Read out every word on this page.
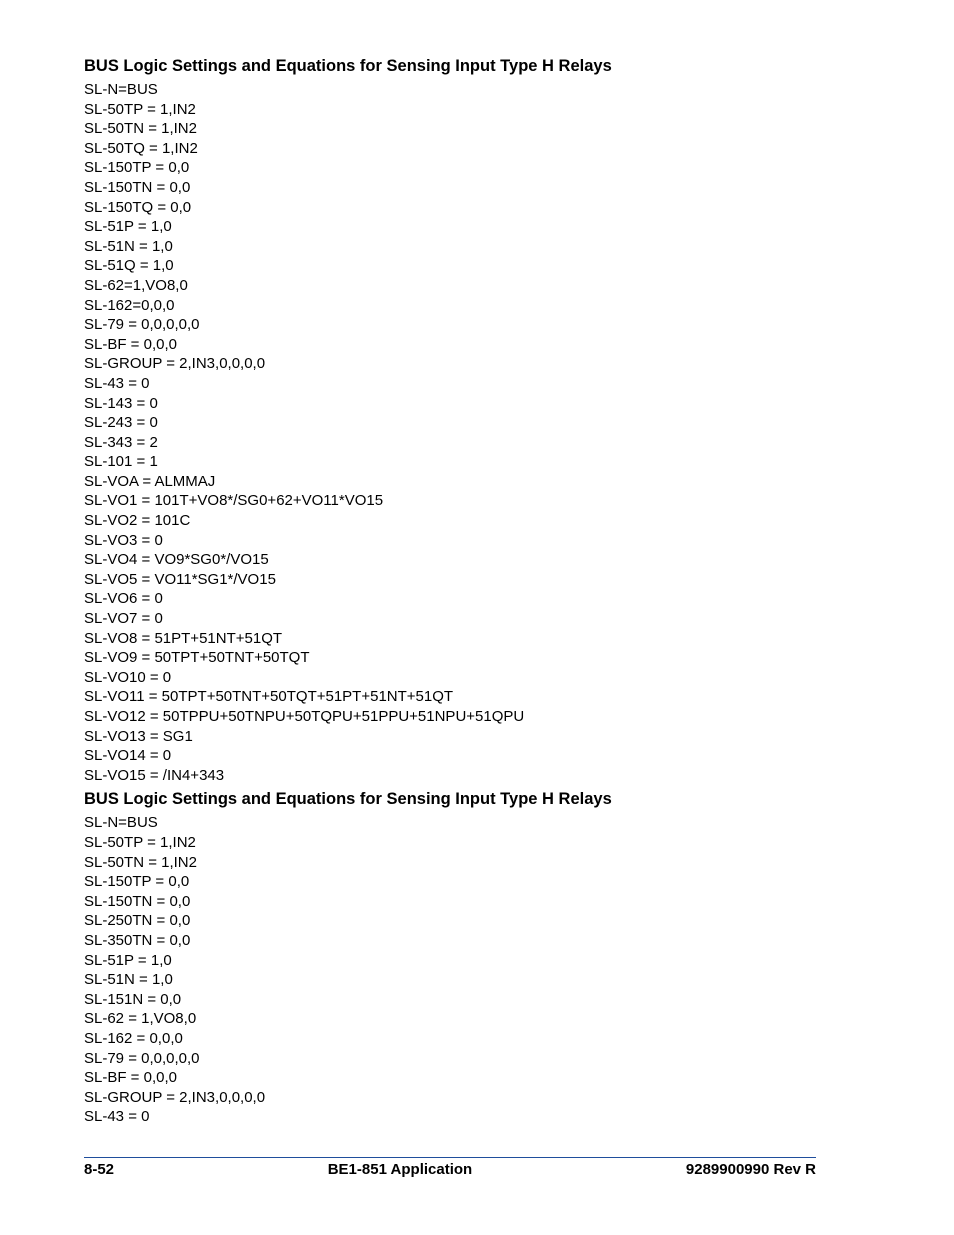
BUS Logic Settings and Equations for Sensing Input Type H Relays
SL-N=BUS
SL-50TP = 1,IN2
SL-50TN = 1,IN2
SL-50TQ = 1,IN2
SL-150TP = 0,0
SL-150TN = 0,0
SL-150TQ = 0,0
SL-51P = 1,0
SL-51N = 1,0
SL-51Q = 1,0
SL-62=1,VO8,0
SL-162=0,0,0
SL-79 = 0,0,0,0,0
SL-BF = 0,0,0
SL-GROUP = 2,IN3,0,0,0,0
SL-43 = 0
SL-143 = 0
SL-243 = 0
SL-343 = 2
SL-101 = 1
SL-VOA = ALMMAJ
SL-VO1 = 101T+VO8*/SG0+62+VO11*VO15
SL-VO2 = 101C
SL-VO3 = 0
SL-VO4 = VO9*SG0*/VO15
SL-VO5 = VO11*SG1*/VO15
SL-VO6 = 0
SL-VO7 = 0
SL-VO8 = 51PT+51NT+51QT
SL-VO9 = 50TPT+50TNT+50TQT
SL-VO10 = 0
SL-VO11 = 50TPT+50TNT+50TQT+51PT+51NT+51QT
SL-VO12 = 50TPPU+50TNPU+50TQPU+51PPU+51NPU+51QPU
SL-VO13 = SG1
SL-VO14 = 0
SL-VO15 = /IN4+343
BUS Logic Settings and Equations for Sensing Input Type H Relays
SL-N=BUS
SL-50TP = 1,IN2
SL-50TN = 1,IN2
SL-150TP = 0,0
SL-150TN = 0,0
SL-250TN = 0,0
SL-350TN = 0,0
SL-51P = 1,0
SL-51N = 1,0
SL-151N = 0,0
SL-62 = 1,VO8,0
SL-162 = 0,0,0
SL-79 = 0,0,0,0,0
SL-BF = 0,0,0
SL-GROUP = 2,IN3,0,0,0,0
SL-43 = 0
8-52	BE1-851 Application	9289900990 Rev R
